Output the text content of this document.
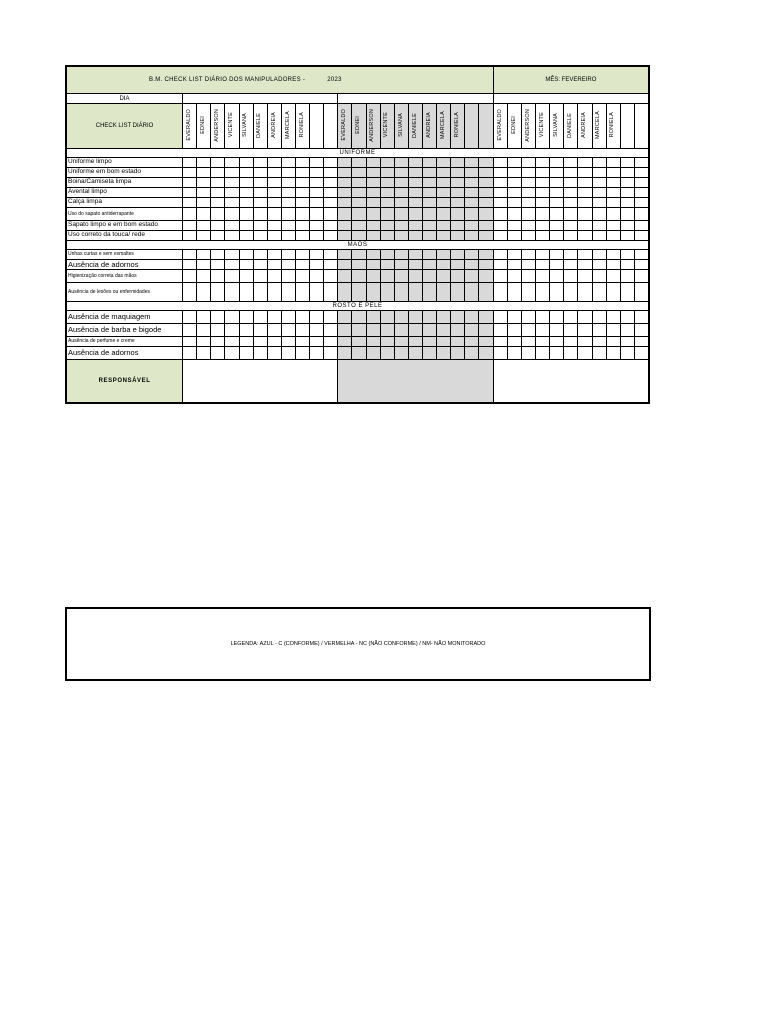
B.M. CHECK LIST DIÁRIO DOS MANIPULADORES - 2023																							MÊS: FEVEREIRO										
DIA																																	
CHECK LIST DIÁRIO	EVERALDO	EDNEI	ANDERSON	VICENTE	SILVANA	DANIELE	ANDREIA	MARCELA	RONIELA			EVERALDO	EDNEI	ANDERSON	VICENTE	SILVANA	DANIELE	ANDREIA	MARCELA	RONIELA			EVERALDO	EDNEI	ANDERSON	VICENTE	SILVANA	DANIELE	ANDREIA	MARCELA	RONIELA		
UNIFORME																																	
Uniforme limpo																																	
Uniforme em bom estado																																	
Boina/Camiseta limpa																																	
Avental limpo																																	
Calça limpa																																	
Uso do sapato antiderrapante																																	
Sapato limpo e em bom estado																																	
Uso correto da touca/ rede																																	
MÃOS																																	
Unhas curtas e sem esmaltes																																	
Ausência de adornos																																	
Higienização correta das mãos																																	
Ausência de lesões ou enfermidades																																	
ROSTO E PELE																																	
Ausência de maquiagem																																	
Ausência de barba e bigode																																	
Ausência de perfume e creme																																	
Ausência de adornos																																	
RESPONSÁVEL																																	
LEGENDA: AZUL - C (CONFORME) / VERMELHA - NC (NÃO CONFORME) / NM- NÃO MONITORADO
